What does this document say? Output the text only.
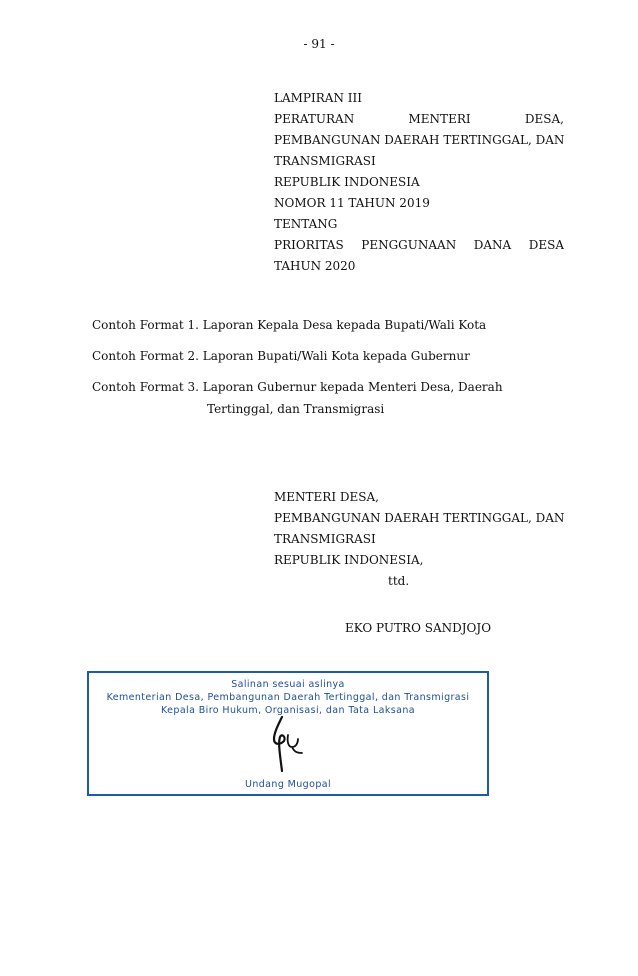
- 91 -
LAMPIRAN III
PERATURAN MENTERI DESA,
PEMBANGUNAN DAERAH TERTINGGAL, DAN
TRANSMIGRASI
REPUBLIK INDONESIA
NOMOR 11 TAHUN 2019
TENTANG
PRIORITAS PENGGUNAAN DANA DESA
TAHUN 2020
Contoh Format 1. Laporan Kepala Desa kepada Bupati/Wali Kota
Contoh Format 2. Laporan Bupati/Wali Kota kepada Gubernur
Contoh Format 3. Laporan Gubernur kepada Menteri Desa, Daerah
Tertinggal, dan Transmigrasi
MENTERI DESA,
PEMBANGUNAN DAERAH TERTINGGAL, DAN
TRANSMIGRASI
REPUBLIK INDONESIA,
ttd.
EKO PUTRO SANDJOJO
Salinan sesuai aslinya
Kementerian Desa, Pembangunan Daerah Tertinggal, dan Transmigrasi
Kepala Biro Hukum, Organisasi, dan Tata Laksana
Undang Mugopal
